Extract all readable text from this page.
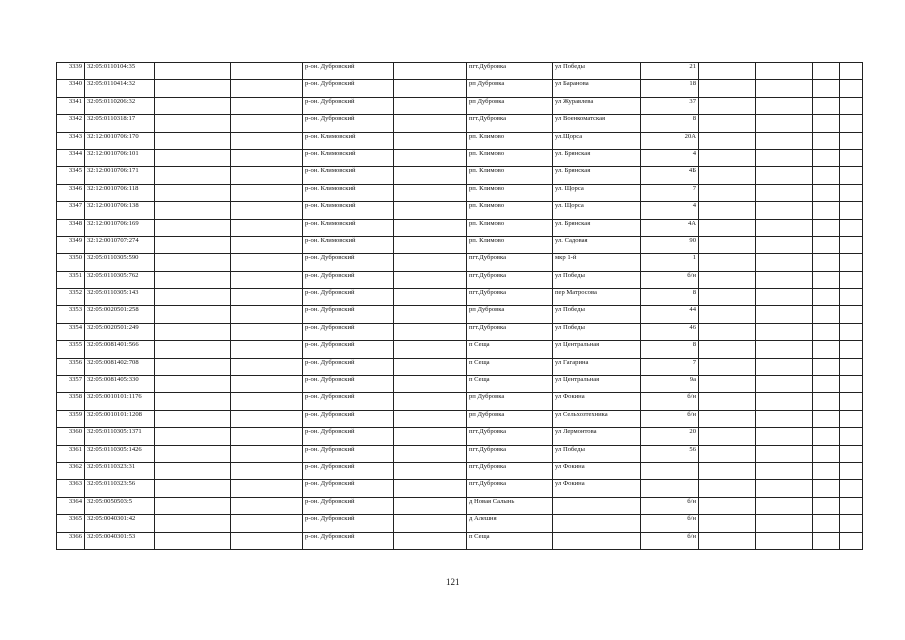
3339	32:05:0110104:35			р-он. Дубровский		пгт.Дубровка	ул Победы	21				
3340	32:05:0110414:32			р-он. Дубровский		рп Дубровка	ул Баранова	18				
3341	32:05:0110206:32			р-он. Дубровский		рп Дубровка	ул Журавлева	37				
3342	32:05:0110318:17			р-он. Дубровский		пгт.Дубровка	ул Военкоматская	8				
3343	32:12:0010706:170			р-он. Климовский		рп. Климово	ул.Щорса	20А				
3344	32:12:0010706:101			р-он. Климовский		рп. Климово	ул. Брянская	4				
3345	32:12:0010706:171			р-он. Климовский		рп. Климово	ул. Брянская	4Б				
3346	32:12:0010706:118			р-он. Климовский		рп. Климово	ул. Щорса	7				
3347	32:12:0010706:138			р-он. Климовский		рп. Климово	ул. Щорса	4				
3348	32:12:0010706:169			р-он. Климовский		рп. Климово	ул. Брянская	4А				
3349	32:12:0010707:274			р-он. Климовский		рп. Климово	ул. Садовая	90				
3350	32:05:0110305:590			р-он. Дубровский		пгт.Дубровка	мкр 1-й	1				
3351	32:05:0110305:762			р-он. Дубровский		пгт.Дубровка	ул Победы	б/н				
3352	32:05:0110305:143			р-он. Дубровский		пгт.Дубровка	пер Матросова	8				
3353	32:05:0020501:258			р-он. Дубровский		рп Дубровка	ул Победы	44				
3354	32:05:0020501:249			р-он. Дубровский		пгт.Дубровка	ул Победы	46				
3355	32:05:0081401:566			р-он. Дубровский		п Сеща	ул Центральная	8				
3356	32:05:0081402:708			р-он. Дубровский		п Сеща	ул Гагарина	7				
3357	32:05:0081405:330			р-он. Дубровский		п Сеща	ул Центральная	9а				
3358	32:05:0010101:1176			р-он. Дубровский		рп Дубровка	ул Фокина	б/н				
3359	32:05:0010101:1208			р-он. Дубровский		рп Дубровка	ул Сельхозтехника	б/н				
3360	32:05:0110305:1371			р-он. Дубровский		пгт.Дубровка	ул Лермонтова	20				
3361	32:05:0110305:1426			р-он. Дубровский		пгт.Дубровка	ул Победы	56				
3362	32:05:0110323:31			р-он. Дубровский		пгт.Дубровка	ул Фокина					
3363	32:05:0110323:56			р-он. Дубровский		пгт.Дубровка	ул Фокина					
3364	32:05:0050503:5			р-он. Дубровский		д Новая Салынь		б/н				
3365	32:05:0040301:42			р-он. Дубровский		д Алешня		б/н				
3366	32:05:0040301:53			р-он. Дубровский		п Сеща		б/н				
121
